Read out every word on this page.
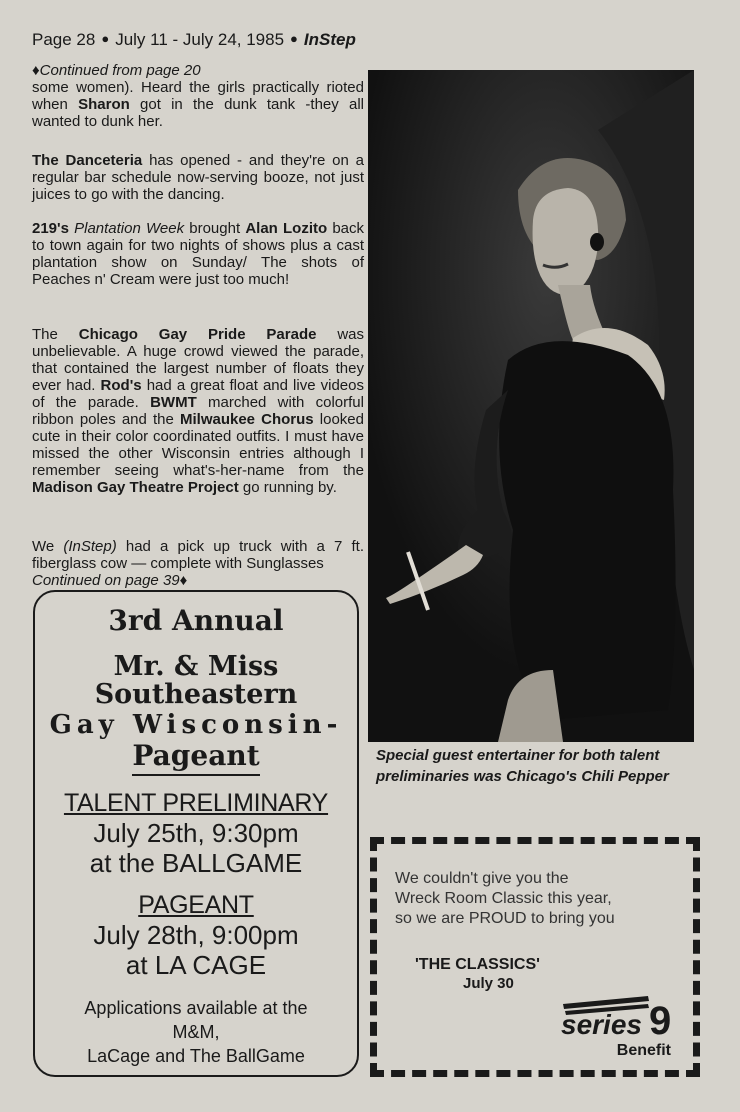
Page 28 ● July 11 - July 24, 1985 ● InStep

♦Continued from page 20

some women). Heard the girls practically rioted when Sharon got in the dunk tank -they all wanted to dunk her.

The Danceteria has opened - and they're on a regular bar schedule now-serving booze, not just juices to go with the dancing.

219's Plantation Week brought Alan Lozito back to town again for two nights of shows plus a cast plantation show on Sunday/ The shots of Peaches n' Cream were just too much!

The Chicago Gay Pride Parade was unbelievable. A huge crowd viewed the parade, that contained the largest number of floats they ever had. Rod's had a great float and live videos of the parade. BWMT marched with colorful ribbon poles and the Milwaukee Chorus looked cute in their color coordinated outfits. I must have missed the other Wisconsin entries although I remember seeing what's-her-name from the Madison Gay Theatre Project go running by.

We (InStep) had a pick up truck with a 7 ft. fiberglass cow — complete with Sunglasses

Continued on page 39♦

Special guest entertainer for both talent preliminaries was Chicago's Chili Pepper
3rd Annual
Mr. & Miss
Southeastern
Gay Wisconsin-
Pageant
TALENT PRELIMINARY
July 25th, 9:30pm
at the BALLGAME
PAGEANT
July 28th, 9:00pm
at LA CAGE
Applications available at the
M&M,
LaCage and The BallGame
We couldn't give you the
Wreck Room Classic this year,
so we are PROUD to bring you
'THE CLASSICS'
July 30
series 9
Benefit
